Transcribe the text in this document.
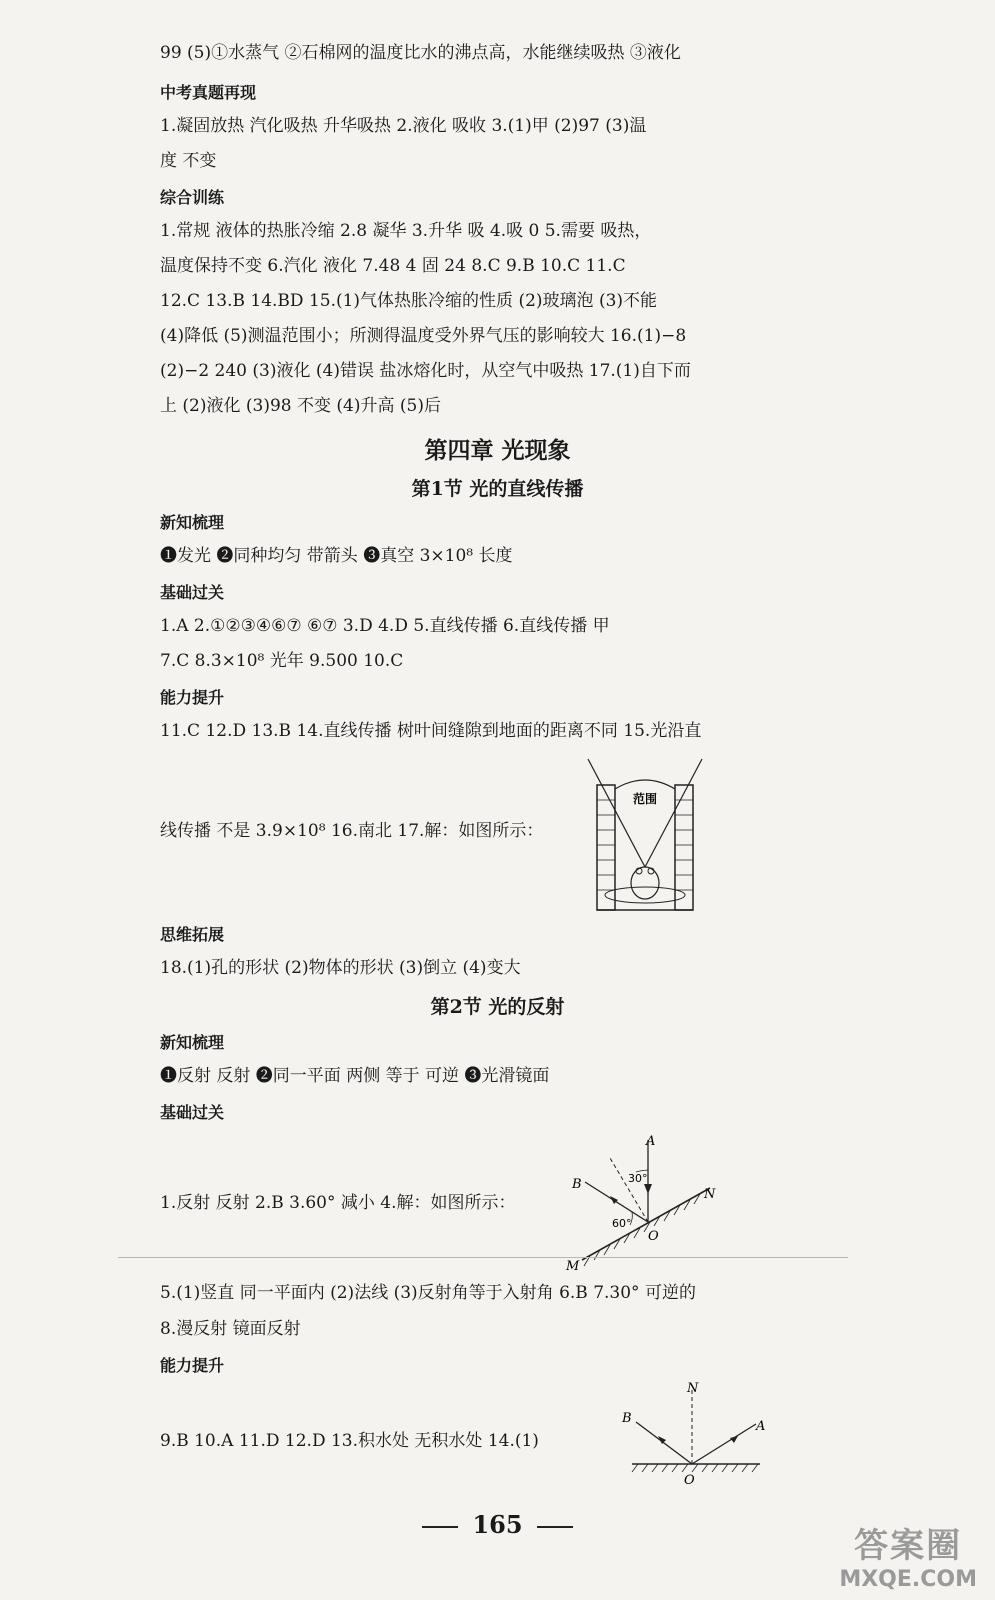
99 (5)①水蒸气 ②石棉网的温度比水的沸点高，水能继续吸热 ③液化
中考真题再现
1.凝固放热 汽化吸热 升华吸热 2.液化 吸收 3.(1)甲 (2)97 (3)温
度 不变
综合训练
1.常规 液体的热胀冷缩 2.8 凝华 3.升华 吸 4.吸 0 5.需要 吸热，
温度保持不变 6.汽化 液化 7.48 4 固 24 8.C 9.B 10.C 11.C
12.C 13.B 14.BD 15.(1)气体热胀冷缩的性质 (2)玻璃泡 (3)不能
(4)降低 (5)测温范围小；所测得温度受外界气压的影响较大 16.(1)−8
(2)−2 240 (3)液化 (4)错误 盐冰熔化时，从空气中吸热 17.(1)自下而
上 (2)液化 (3)98 不变 (4)升高 (5)后
第四章 光现象
第1节 光的直线传播
新知梳理
❶发光 ❷同种均匀 带箭头 ❸真空 3×10⁸ 长度
基础过关
1.A 2.①②③④⑥⑦ ⑥⑦ 3.D 4.D 5.直线传播 6.直线传播 甲
7.C 8.3×10⁸ 光年 9.500 10.C
能力提升
11.C 12.D 13.B 14.直线传播 树叶间缝隙到地面的距离不同 15.光沿直
线传播 不是 3.9×10⁸ 16.南北 17.解：如图所示：
范围
思维拓展
18.(1)孔的形状 (2)物体的形状 (3)倒立 (4)变大
第2节 光的反射
新知梳理
❶反射 反射 ❷同一平面 两侧 等于 可逆 ❸光滑镜面
基础过关
1.反射 反射 2.B 3.60° 减小 4.解：如图所示：
A
B
N
O
M
30°
60°
5.(1)竖直 同一平面内 (2)法线 (3)反射角等于入射角 6.B 7.30° 可逆的
8.漫反射 镜面反射
能力提升
9.B 10.A 11.D 12.D 13.积水处 无积水处 14.(1)
N
B
A
O
165
答案圈
MXQE.COM
